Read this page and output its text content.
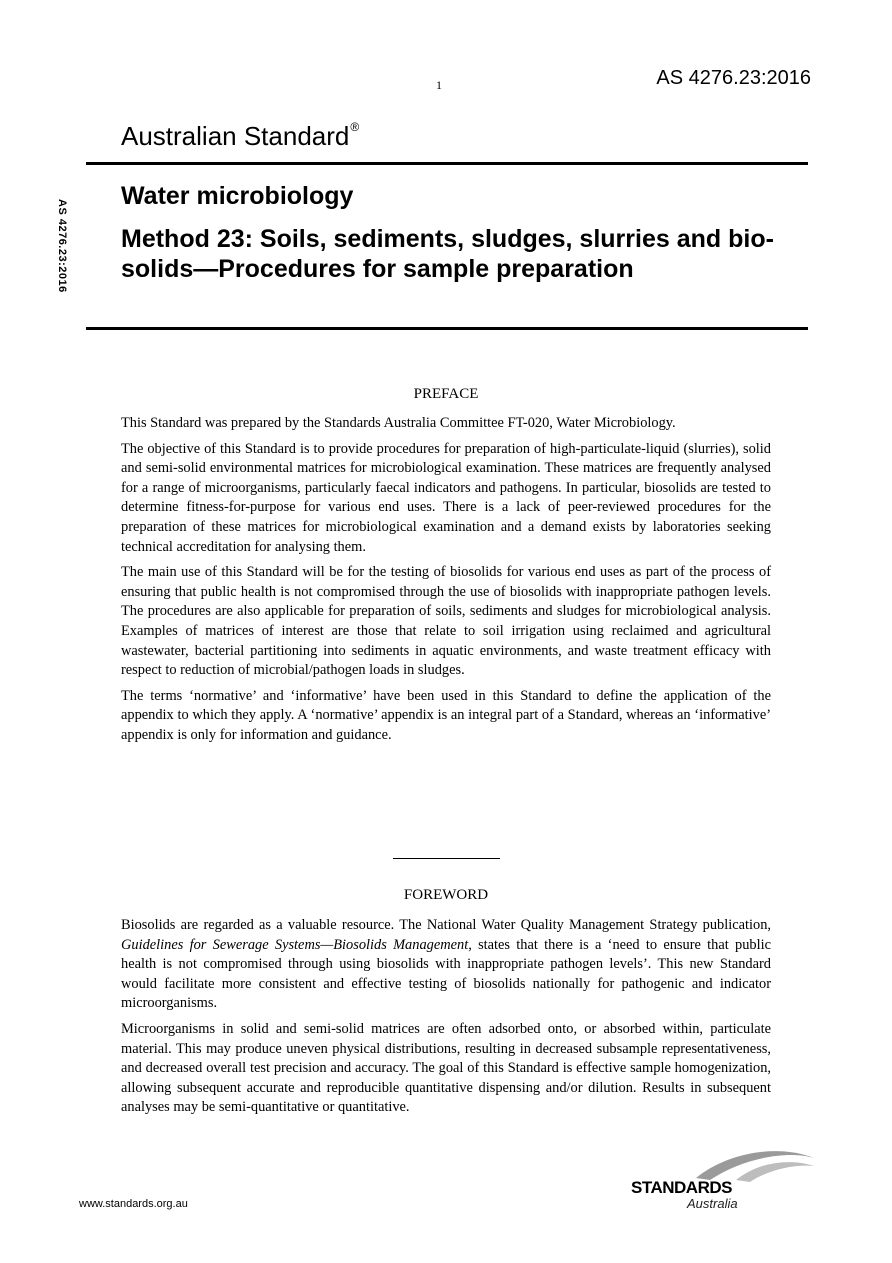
1	AS 4276.23:2016
Australian Standard®
AS 4276.23:2016
Water microbiology
Method 23: Soils, sediments, sludges, slurries and bio-solids—Procedures for sample preparation
PREFACE

This Standard was prepared by the Standards Australia Committee FT-020, Water Microbiology.

The objective of this Standard is to provide procedures for preparation of high-particulate-liquid (slurries), solid and semi-solid environmental matrices for microbiological examination. These matrices are frequently analysed for a range of microorganisms, particularly faecal indicators and pathogens. In particular, biosolids are tested to determine fitness-for-purpose for various end uses. There is a lack of peer-reviewed procedures for the preparation of these matrices for microbiological examination and a demand exists by laboratories seeking technical accreditation for analysing them.

The main use of this Standard will be for the testing of biosolids for various end uses as part of the process of ensuring that public health is not compromised through the use of biosolids with inappropriate pathogen levels. The procedures are also applicable for preparation of soils, sediments and sludges for microbiological analysis. Examples of matrices of interest are those that relate to soil irrigation using reclaimed and agricultural wastewater, bacterial partitioning into sediments in aquatic environments, and waste treatment efficacy with respect to reduction of microbial/pathogen loads in sludges.

The terms ‘normative’ and ‘informative’ have been used in this Standard to define the application of the appendix to which they apply. A ‘normative’ appendix is an integral part of a Standard, whereas an ‘informative’ appendix is only for information and guidance.

FOREWORD

Biosolids are regarded as a valuable resource. The National Water Quality Management Strategy publication, Guidelines for Sewerage Systems—Biosolids Management, states that there is a ‘need to ensure that public health is not compromised through using biosolids with inappropriate pathogen levels’. This new Standard would facilitate more consistent and effective testing of biosolids nationally for pathogenic and indicator microorganisms.

Microorganisms in solid and semi-solid matrices are often adsorbed onto, or absorbed within, particulate material. This may produce uneven physical distributions, resulting in decreased subsample representativeness, and decreased overall test precision and accuracy. The goal of this Standard is effective sample homogenization, allowing subsequent accurate and reproducible quantitative dispensing and/or dilution. Results in subsequent analyses may be semi-quantitative or quantitative.

STANDARDS
Australia
www.standards.org.au
